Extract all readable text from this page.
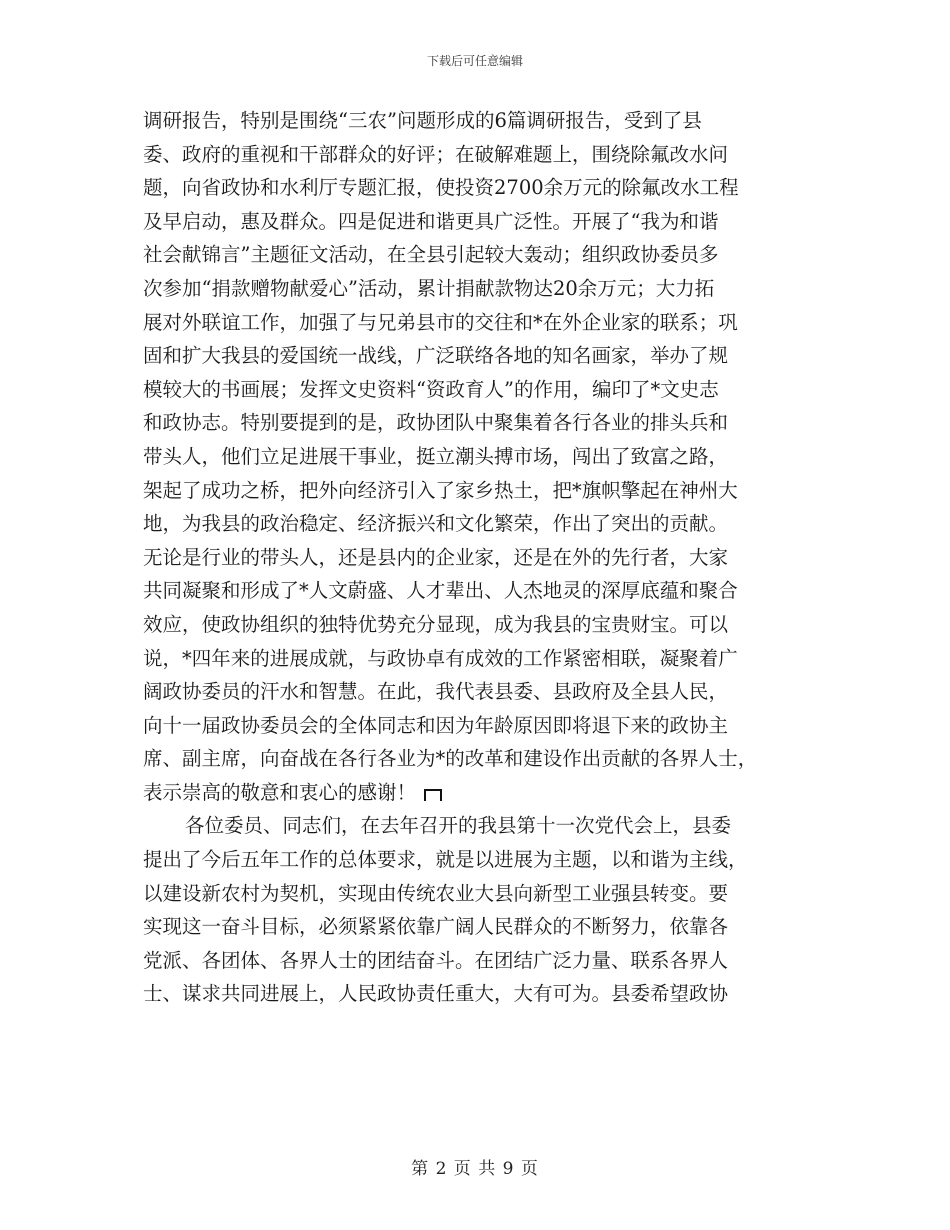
下载后可任意编辑
调研报告，特别是围绕“三农”问题形成的6篇调研报告，受到了县
委、政府的重视和干部群众的好评；在破解难题上，围绕除氟改水问
题，向省政协和水利厅专题汇报，使投资2700余万元的除氟改水工程
及早启动，惠及群众。四是促进和谐更具广泛性。开展了“我为和谐
社会献锦言”主题征文活动，在全县引起较大轰动；组织政协委员多
次参加“捐款赠物献爱心”活动，累计捐献款物达20余万元；大力拓
展对外联谊工作，加强了与兄弟县市的交往和*在外企业家的联系；巩
固和扩大我县的爱国统一战线，广泛联络各地的知名画家，举办了规
模较大的书画展；发挥文史资料“资政育人”的作用，编印了*文史志
和政协志。特别要提到的是，政协团队中聚集着各行各业的排头兵和
带头人，他们立足进展干事业，挺立潮头搏市场，闯出了致富之路，
架起了成功之桥，把外向经济引入了家乡热土，把*旗帜擎起在神州大
地，为我县的政治稳定、经济振兴和文化繁荣，作出了突出的贡献。
无论是行业的带头人，还是县内的企业家，还是在外的先行者，大家
共同凝聚和形成了*人文蔚盛、人才辈出、人杰地灵的深厚底蕴和聚合
效应，使政协组织的独特优势充分显现，成为我县的宝贵财宝。可以
说，*四年来的进展成就，与政协卓有成效的工作紧密相联，凝聚着广
阔政协委员的汗水和智慧。在此，我代表县委、县政府及全县人民，
向十一届政协委员会的全体同志和因为年龄原因即将退下来的政协主
席、副主席，向奋战在各行各业为*的改革和建设作出贡献的各界人士，
表示崇高的敬意和衷心的感谢！
各位委员、同志们，在去年召开的我县第十一次党代会上，县委
提出了今后五年工作的总体要求，就是以进展为主题，以和谐为主线，
以建设新农村为契机，实现由传统农业大县向新型工业强县转变。要
实现这一奋斗目标，必须紧紧依靠广阔人民群众的不断努力，依靠各
党派、各团体、各界人士的团结奋斗。在团结广泛力量、联系各界人
士、谋求共同进展上，人民政协责任重大，大有可为。县委希望政协
第 2 页 共 9 页
